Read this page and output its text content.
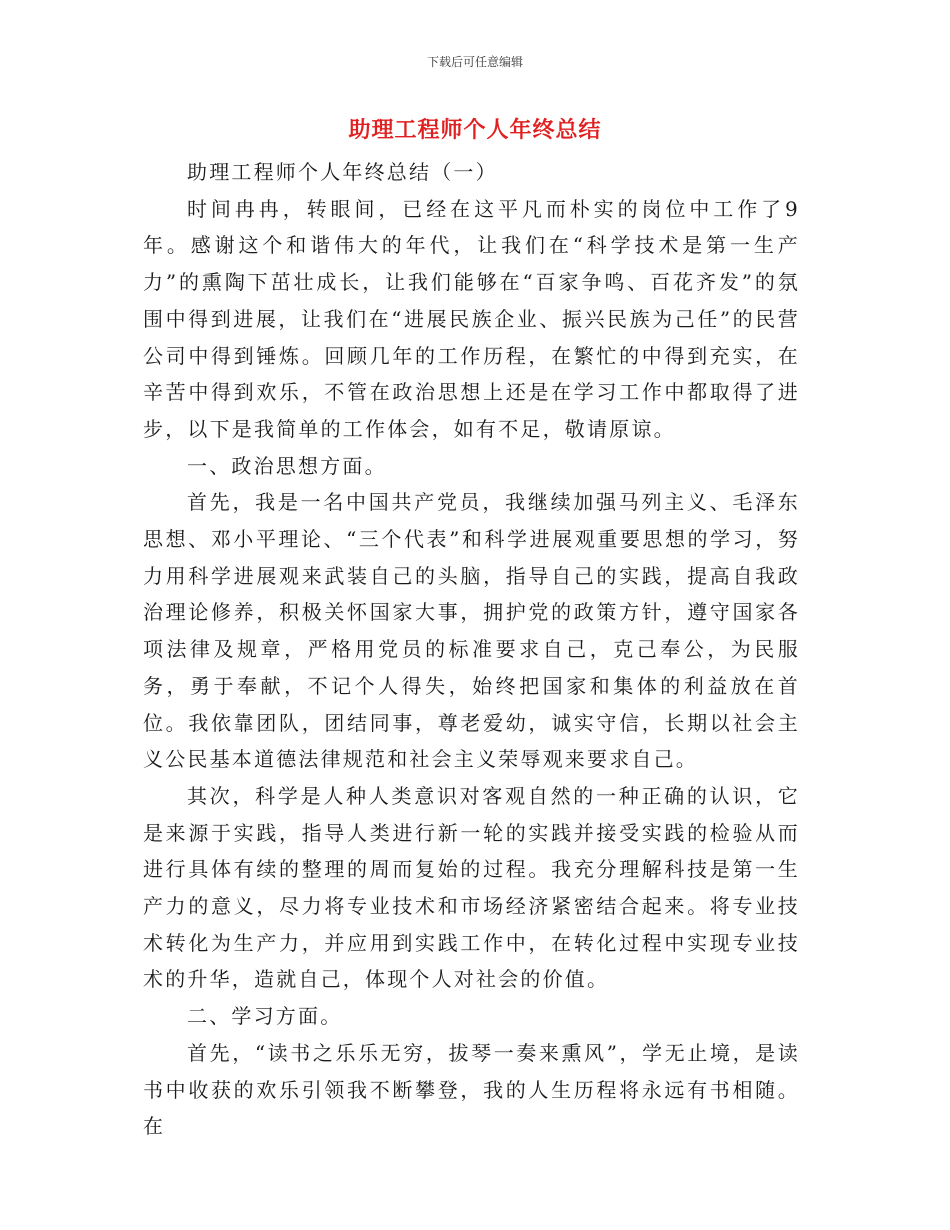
下载后可任意编辑
助理工程师个人年终总结

助理工程师个人年终总结（一）

时间冉冉，转眼间，已经在这平凡而朴实的岗位中工作了9年。感谢这个和谐伟大的年代，让我们在“科学技术是第一生产力”的熏陶下茁壮成长，让我们能够在“百家争鸣、百花齐发”的氛围中得到进展，让我们在“进展民族企业、振兴民族为己任”的民营公司中得到锤炼。回顾几年的工作历程，在繁忙的中得到充实，在辛苦中得到欢乐，不管在政治思想上还是在学习工作中都取得了进步，以下是我简单的工作体会，如有不足，敬请原谅。

一、政治思想方面。

首先，我是一名中国共产党员，我继续加强马列主义、毛泽东思想、邓小平理论、“三个代表”和科学进展观重要思想的学习，努力用科学进展观来武装自己的头脑，指导自己的实践，提高自我政治理论修养，积极关怀国家大事，拥护党的政策方针，遵守国家各项法律及规章，严格用党员的标准要求自己，克己奉公，为民服务，勇于奉献，不记个人得失，始终把国家和集体的利益放在首位。我依靠团队，团结同事，尊老爱幼，诚实守信，长期以社会主义公民基本道德法律规范和社会主义荣辱观来要求自己。

其次，科学是人种人类意识对客观自然的一种正确的认识，它是来源于实践，指导人类进行新一轮的实践并接受实践的检验从而进行具体有续的整理的周而复始的过程。我充分理解科技是第一生产力的意义，尽力将专业技术和市场经济紧密结合起来。将专业技术转化为生产力，并应用到实践工作中，在转化过程中实现专业技术的升华，造就自己，体现个人对社会的价值。

二、学习方面。

首先，“读书之乐乐无穷，拔琴一奏来熏风”，学无止境，是读书中收获的欢乐引领我不断攀登，我的人生历程将永远有书相随。在
